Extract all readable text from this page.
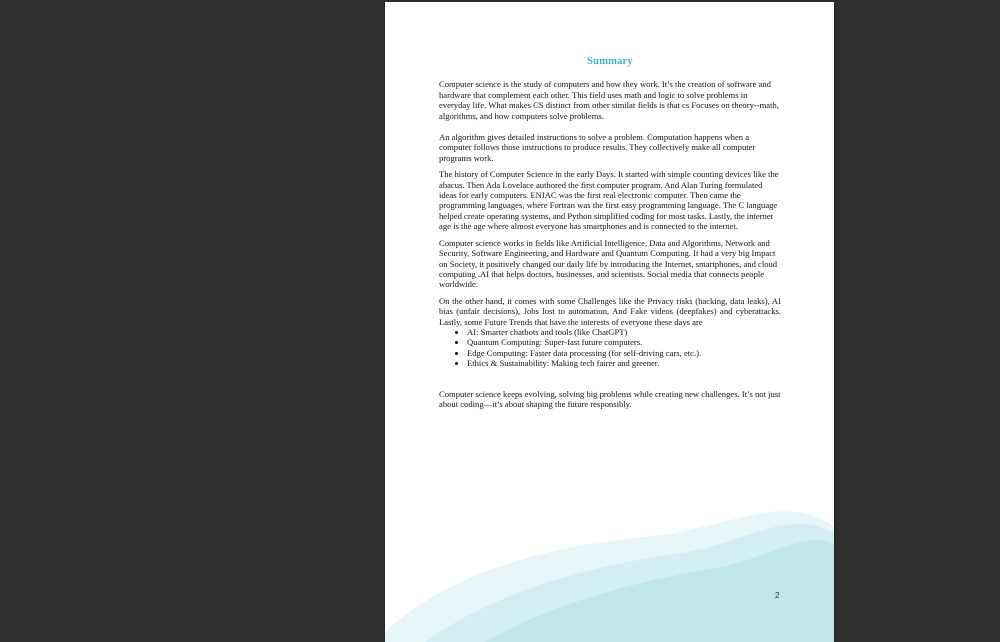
Summary

Computer science is the study of computers and how they work. It’s the creation of software and hardware that complement each other. This field uses math and logic to solve problems in everyday life. What makes CS distinct from other similar fields is that cs Focuses on theory--math, algorithms, and how computers solve problems.

An algorithm gives detailed instructions to solve a problem. Computation happens when a computer follows those instructions to produce results. They collectively make all computer programs work.

The history of Computer Science in the early Days. It started with simple counting devices like the abacus. Then Ada Lovelace authored the first computer program. And Alan Turing formulated ideas for early computers. ENIAC was the first real electronic computer. Then came the programming languages, where Fortran was the first easy programming language. The C language helped create operating systems, and Python simplified coding for most tasks. Lastly, the internet age is the age where almost everyone has smartphones and is connected to the internet.

Computer science works in fields like Artificial Intelligence, Data and Algorithms, Network and Security, Software Engineering, and Hardware and Quantum Computing. It had a very big Impact on Society, it positively changed our daily life by introducing the Internet, smartphones, and cloud computing .AI that helps doctors, businesses, and scientists. Social media that connects people worldwide.

On the other hand, it comes with some Challenges like the Privacy risks (hacking, data leaks), AI bias (unfair decisions), Jobs lost to automation, And Fake videos (deepfakes) and cyberattacks. Lastly, some Future Trends that have the interests of everyone these days are

• AI: Smarter chatbots and tools (like ChatGPT)
• Quantum Computing: Super-fast future computers.
• Edge Computing: Faster data processing (for self-driving cars, etc.).
• Ethics & Sustainability: Making tech fairer and greener.

Computer science keeps evolving, solving big problems while creating new challenges. It’s not just about coding—it’s about shaping the future responsibly.

2
